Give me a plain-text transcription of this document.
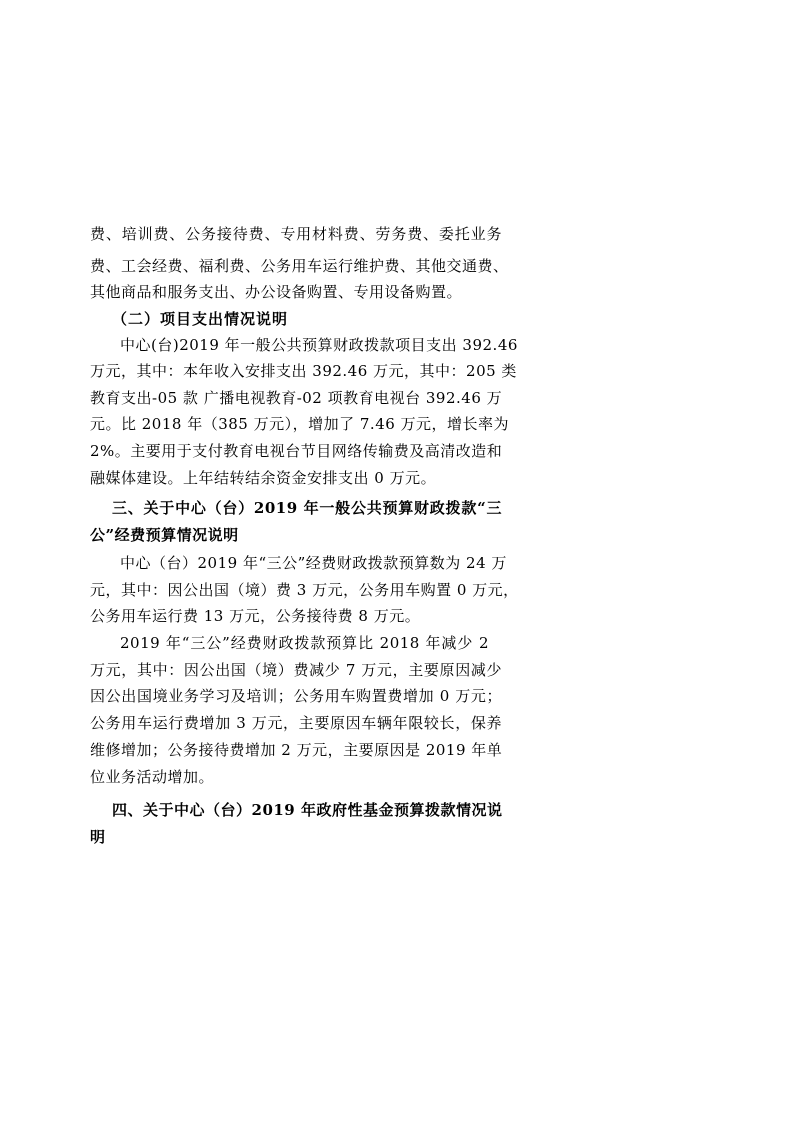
费、培训费、公务接待费、专用材料费、劳务费、委托业务
费、工会经费、福利费、公务用车运行维护费、其他交通费、
其他商品和服务支出、办公设备购置、专用设备购置。
（二）项目支出情况说明
中心(台)2019 年一般公共预算财政拨款项目支出 392.46
万元，其中：本年收入安排支出 392.46 万元，其中：205 类
教育支出-05 款 广播电视教育-02 项教育电视台 392.46 万
元。比 2018 年（385 万元），增加了 7.46 万元，增长率为
2%。主要用于支付教育电视台节目网络传输费及高清改造和
融媒体建设。上年结转结余资金安排支出 0 万元。
三、关于中心（台）2019 年一般公共预算财政拨款“三
公”经费预算情况说明
中心（台）2019 年“三公”经费财政拨款预算数为 24 万
元，其中：因公出国（境）费 3 万元，公务用车购置 0 万元，
公务用车运行费 13 万元，公务接待费 8 万元。
2019 年“三公”经费财政拨款预算比 2018 年减少 2
万元，其中：因公出国（境）费减少 7 万元，主要原因减少
因公出国境业务学习及培训；公务用车购置费增加 0 万元；
公务用车运行费增加 3 万元，主要原因车辆年限较长，保养
维修增加；公务接待费增加 2 万元，主要原因是 2019 年单
位业务活动增加。
四、关于中心（台）2019 年政府性基金预算拨款情况说
明
